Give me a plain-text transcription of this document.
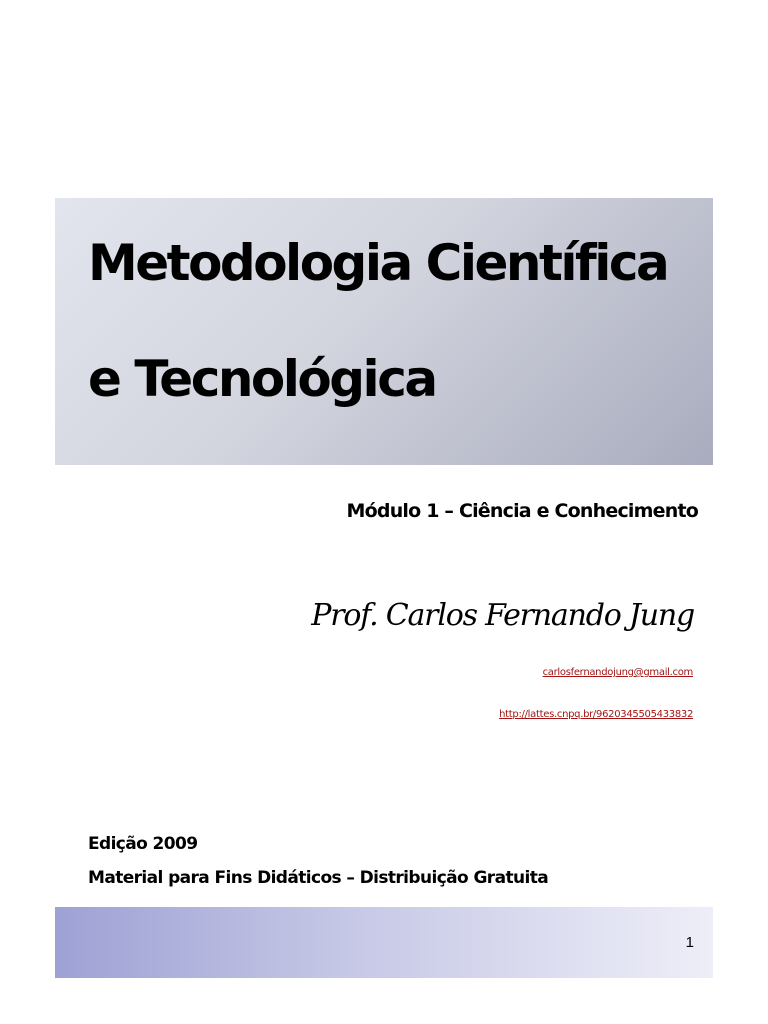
Metodologia Científica
e Tecnológica
Módulo 1 – Ciência e Conhecimento
Prof. Carlos Fernando Jung
carlosfernandojung@gmail.com
http://lattes.cnpq.br/9620345505433832
Edição 2009
Material para Fins Didáticos – Distribuição Gratuita
1
